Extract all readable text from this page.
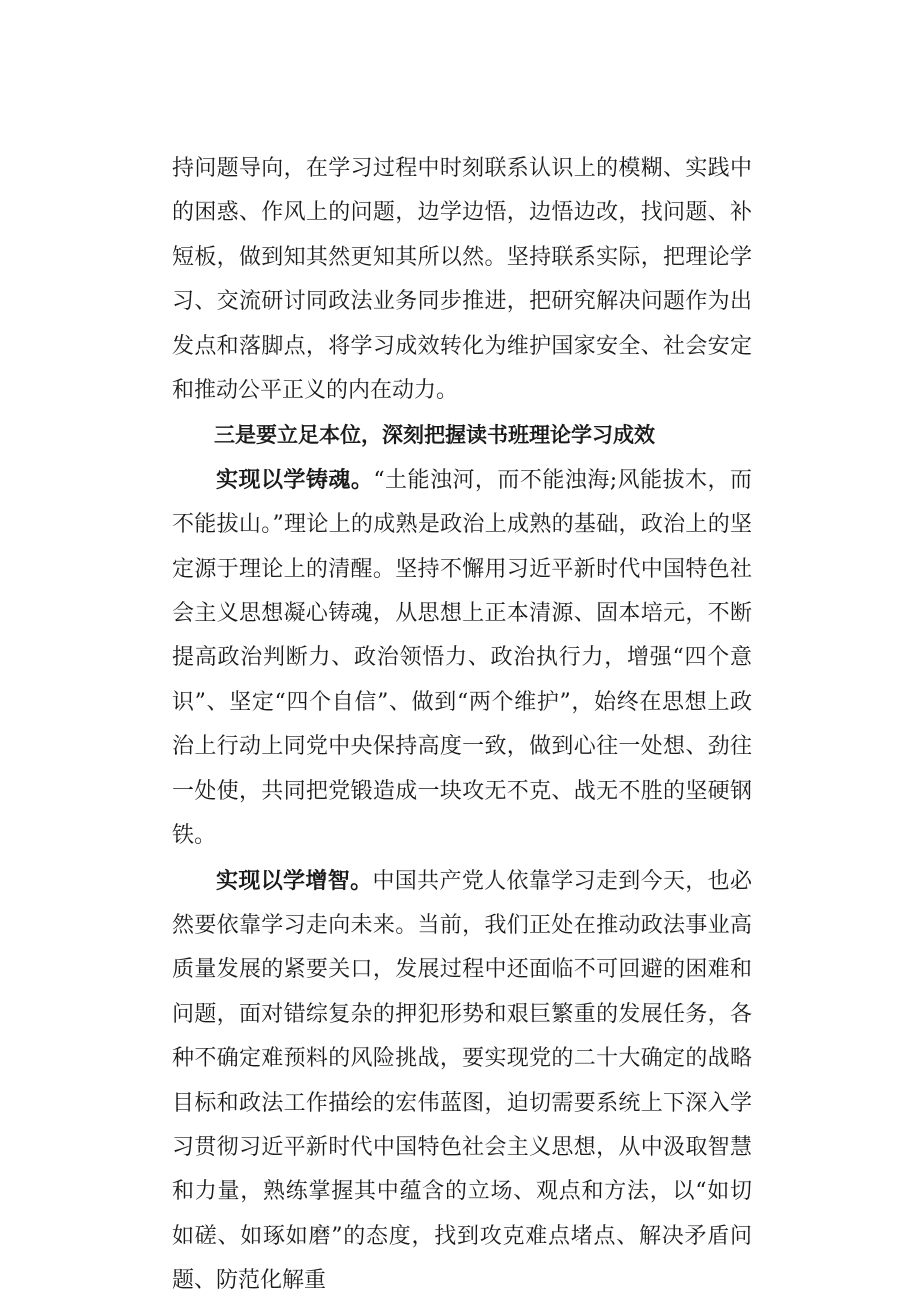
持问题导向，在学习过程中时刻联系认识上的模糊、实践中的困惑、作风上的问题，边学边悟，边悟边改，找问题、补短板，做到知其然更知其所以然。坚持联系实际，把理论学习、交流研讨同政法业务同步推进，把研究解决问题作为出发点和落脚点，将学习成效转化为维护国家安全、社会安定和推动公平正义的内在动力。

三是要立足本位，深刻把握读书班理论学习成效

实现以学铸魂。“土能浊河，而不能浊海;风能拔木，而不能拔山。”理论上的成熟是政治上成熟的基础，政治上的坚定源于理论上的清醒。坚持不懈用习近平新时代中国特色社会主义思想凝心铸魂，从思想上正本清源、固本培元，不断提高政治判断力、政治领悟力、政治执行力，增强“四个意识”、坚定“四个自信”、做到“两个维护”，始终在思想上政治上行动上同党中央保持高度一致，做到心往一处想、劲往一处使，共同把党锻造成一块攻无不克、战无不胜的坚硬钢铁。

实现以学增智。中国共产党人依靠学习走到今天，也必然要依靠学习走向未来。当前，我们正处在推动政法事业高质量发展的紧要关口，发展过程中还面临不可回避的困难和问题，面对错综复杂的押犯形势和艰巨繁重的发展任务，各种不确定难预料的风险挑战，要实现党的二十大确定的战略目标和政法工作描绘的宏伟蓝图，迫切需要系统上下深入学习贯彻习近平新时代中国特色社会主义思想，从中汲取智慧和力量，熟练掌握其中蕴含的立场、观点和方法，以“如切如磋、如琢如磨”的态度，找到攻克难点堵点、解决矛盾问题、防范化解重
